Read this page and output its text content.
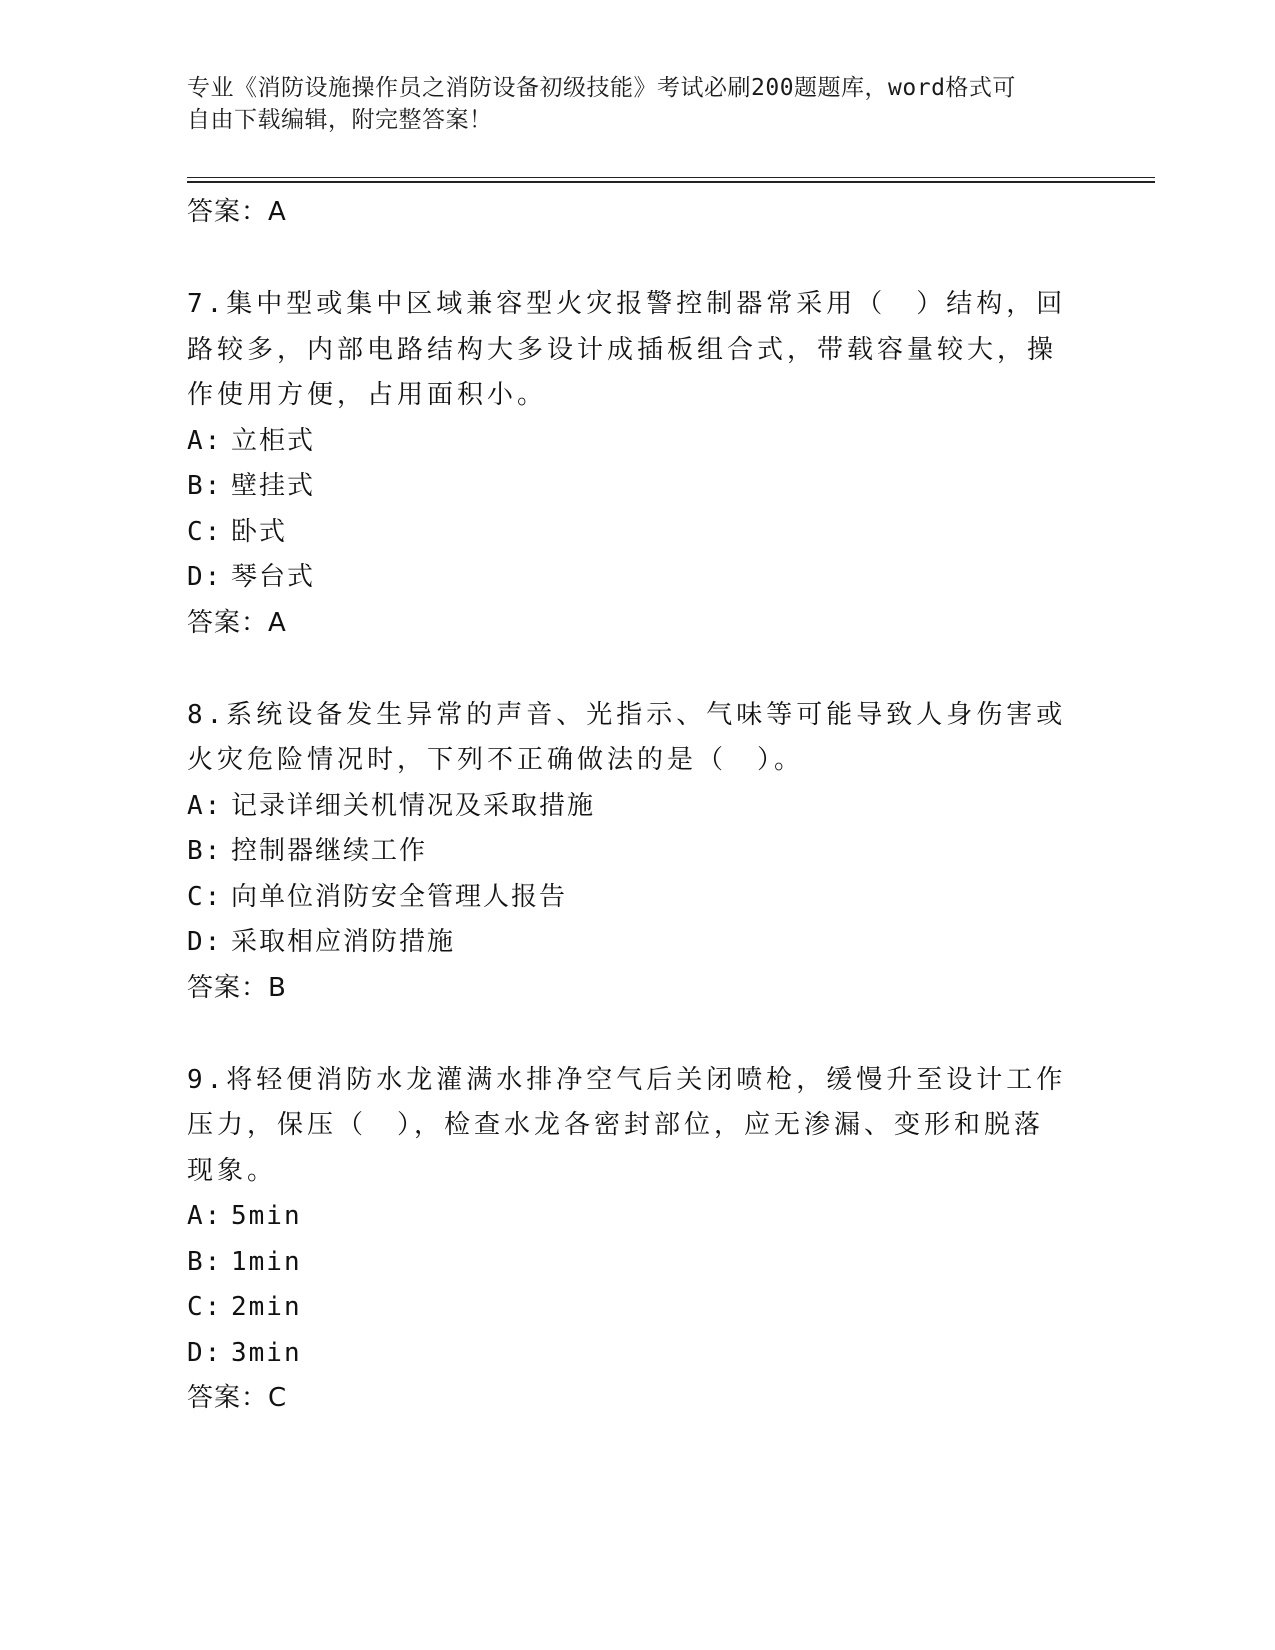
专业《消防设施操作员之消防设备初级技能》考试必刷200题题库，word格式可
自由下载编辑，附完整答案！
答案：A
7.集中型或集中区域兼容型火灾报警控制器常采用（　）结构，回路较多，内部电路结构大多设计成插板组合式，带载容量较大，操作使用方便，占用面积小。
A: 立柜式
B: 壁挂式
C: 卧式
D: 琴台式
答案：A
8.系统设备发生异常的声音、光指示、气味等可能导致人身伤害或火灾危险情况时，下列不正确做法的是（　）。
A: 记录详细关机情况及采取措施
B: 控制器继续工作
C: 向单位消防安全管理人报告
D: 采取相应消防措施
答案：B
9.将轻便消防水龙灌满水排净空气后关闭喷枪，缓慢升至设计工作压力，保压（　），检查水龙各密封部位，应无渗漏、变形和脱落现象。
A: 5min
B: 1min
C: 2min
D: 3min
答案：C
